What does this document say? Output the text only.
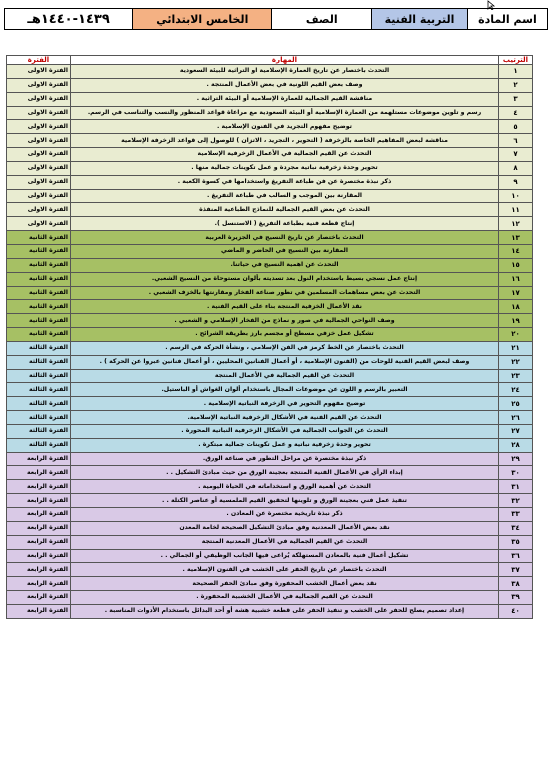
اسم المادة	التربية الفنية	الصف	الخامس الابتدائي	١٤٣٩-١٤٤٠هـ
الترتيب	المهارة	الفترة
١	التحدث باختصار عن تاريخ العمارة الإسلامية او التراثية للبيئة السعودية	الفترة الاولى
٢	وصف بعض القيم اللونية في بعض الأعمال المنتجة .	الفترة الاولى
٣	مناقشة القيم الجمالية للعمارة الإسلامية أو البيئة التراثية .	الفترة الاولى
٤	رسم و تلوين موضوعات مستلهمة من العمارة الإسلامية أو البيئة السعودية مع مراعاة قواعد المنظور والنسب والتناسب في الرسم.	الفترة الاولى
٥	توضيح مفهوم التجريد في الفنون الإسلامية .	الفترة الاولى
٦	مناقشة لبعض المفاهيم الخاصة بالزخرفة ( التحوير ، التجريد ، الاتزان ) للوصول إلى قواعد الزخرفة الإسلامية	الفترة الاولى
٧	التحدث عن القيم الجمالية في الأعمال الزخرفية الإسلامية	الفترة الاولى
٨	تحوير وحدة زخرفية نباتية مجردة و عمل تكوينات جمالية منها .	الفترة الاولى
٩	ذكر نبذة مختصرة عن فن طباعة التفريغ واستخدامها في كسوة الكعبة .	الفترة الاولى
١٠	المقارنة بين الموجب و السالب في طباعة التفريغ .	الفترة الاولى
١١	التحدث عن بعض القيم الجمالية للنماذج الطباعية المنفذة	الفترة الاولى
١٢	إنتاج قطعة فنية بطباعة التفريغ ( الاستنسل ).	الفترة الاولى
١٣	التحدث باختصار عن تاريخ النسيج في الجزيرة العربية	الفترة الثانية
١٤	المقارنة بين النسيج في الحاضر و الماضي	الفترة الثانية
١٥	التحدث عن اهمية النسيج في حياتنا.	الفترة الثانية
١٦	إنتاج عمل نسجي بسيط باستخدام النول بعد تسديته بألوان مستوحاة من النسيج الشعبي.	الفترة الثانية
١٧	التحدث عن بعض مساهمات المسلمين في تطور صناعة الفخار ومقارنتها بالخزف الشعبي .	الفترة الثانية
١٨	نقد الأعمال الخزفية المنتجة بناء على القيم الفنية .	الفترة الثانية
١٩	وصف النواحي الجمالية في صور و نماذج من الفخار الإسلامي و الشعبي .	الفترة الثانية
٢٠	تشكيل عمل خزفي مسطح أو مجسم بارز بطريقة الشرائح .	الفترة الثانية
٢١	التحدث باختصار عن الخط كرمز في الفن الإسلامي ، ونشأة الحركة في الرسم .	الفترة الثالثة
٢٢	وصف لبعض القيم الفنية للوحات من (الفنون الإسلامية ، أو أعمال الفنانين المحليين ، أو أعمال فنانين عبروا عن الحركة ) .	الفترة الثالثة
٢٣	التحدث عن القيم الجمالية في الأعمال المنتجة	الفترة الثالثة
٢٤	التعبير بالرسم و اللون عن موضوعات المجال باستخدام ألوان الغواش أو الباستيل.	الفترة الثالثة
٢٥	توضيح مفهوم التحوير في الزخرفة النباتية الإسلامية .	الفترة الثالثة
٢٦	التحدث عن القيم الفنية في الأشكال الزخرفية النباتية الإسلامية.	الفترة الثالثة
٢٧	التحدث عن الجوانب الجمالية في الأشكال الزخرفية النباتية المحورة .	الفترة الثالثة
٢٨	تحوير وحدة زخرفية نباتية و عمل تكوينات جمالية مبتكرة .	الفترة الثالثة
٢٩	ذكر نبذة مختصرة عن مراحل التطور في صناعة الورق.	الفترة الرابعة
٣٠	إبداء الرأي في الأعمال الفنية المنتجة بعجينة الورق من حيث مبادئ التشكيل . .	الفترة الرابعة
٣١	التحدث عن أهمية الورق و استخداماته في الحياة اليومية .	الفترة الرابعة
٣٢	تنفيذ عمل فني بعجينة الورق و تلوينها لتحقيق القيم الملمسية أو عناصر الكتلة . .	الفترة الرابعة
٣٣	ذكر نبذة تاريخية مختصرة عن المعادن .	الفترة الرابعة
٣٤	نقد بعض الأعمال المعدنية وفق مبادئ التشكيل الصحيحة لخامة المعدن	الفترة الرابعة
٣٥	التحدث عن القيم الجمالية في الأعمال المعدنية المنتجة	الفترة الرابعة
٣٦	تشكيل أعمال فنية بالمعادن المستهلكة يُراعى فيها الجانب الوظيفي أو الجمالي . .	الفترة الرابعة
٣٧	التحدث باختصار عن تاريخ الحفر على الخشب في الفنون الإسلامية .	الفترة الرابعة
٣٨	نقد بعض أعمال الخشب المحفورة وفق مبادئ الحفر الصحيحة	الفترة الرابعة
٣٩	التحدث عن القيم الجمالية في الأعمال الخشبية المحفورة .	الفترة الرابعة
٤٠	إعداد تصميم يصلح للحفر على الخشب و تنفيذ الحفر على قطعة خشبية هشة أو أحد البدائل باستخدام الأدوات المناسبة .	الفترة الرابعة
